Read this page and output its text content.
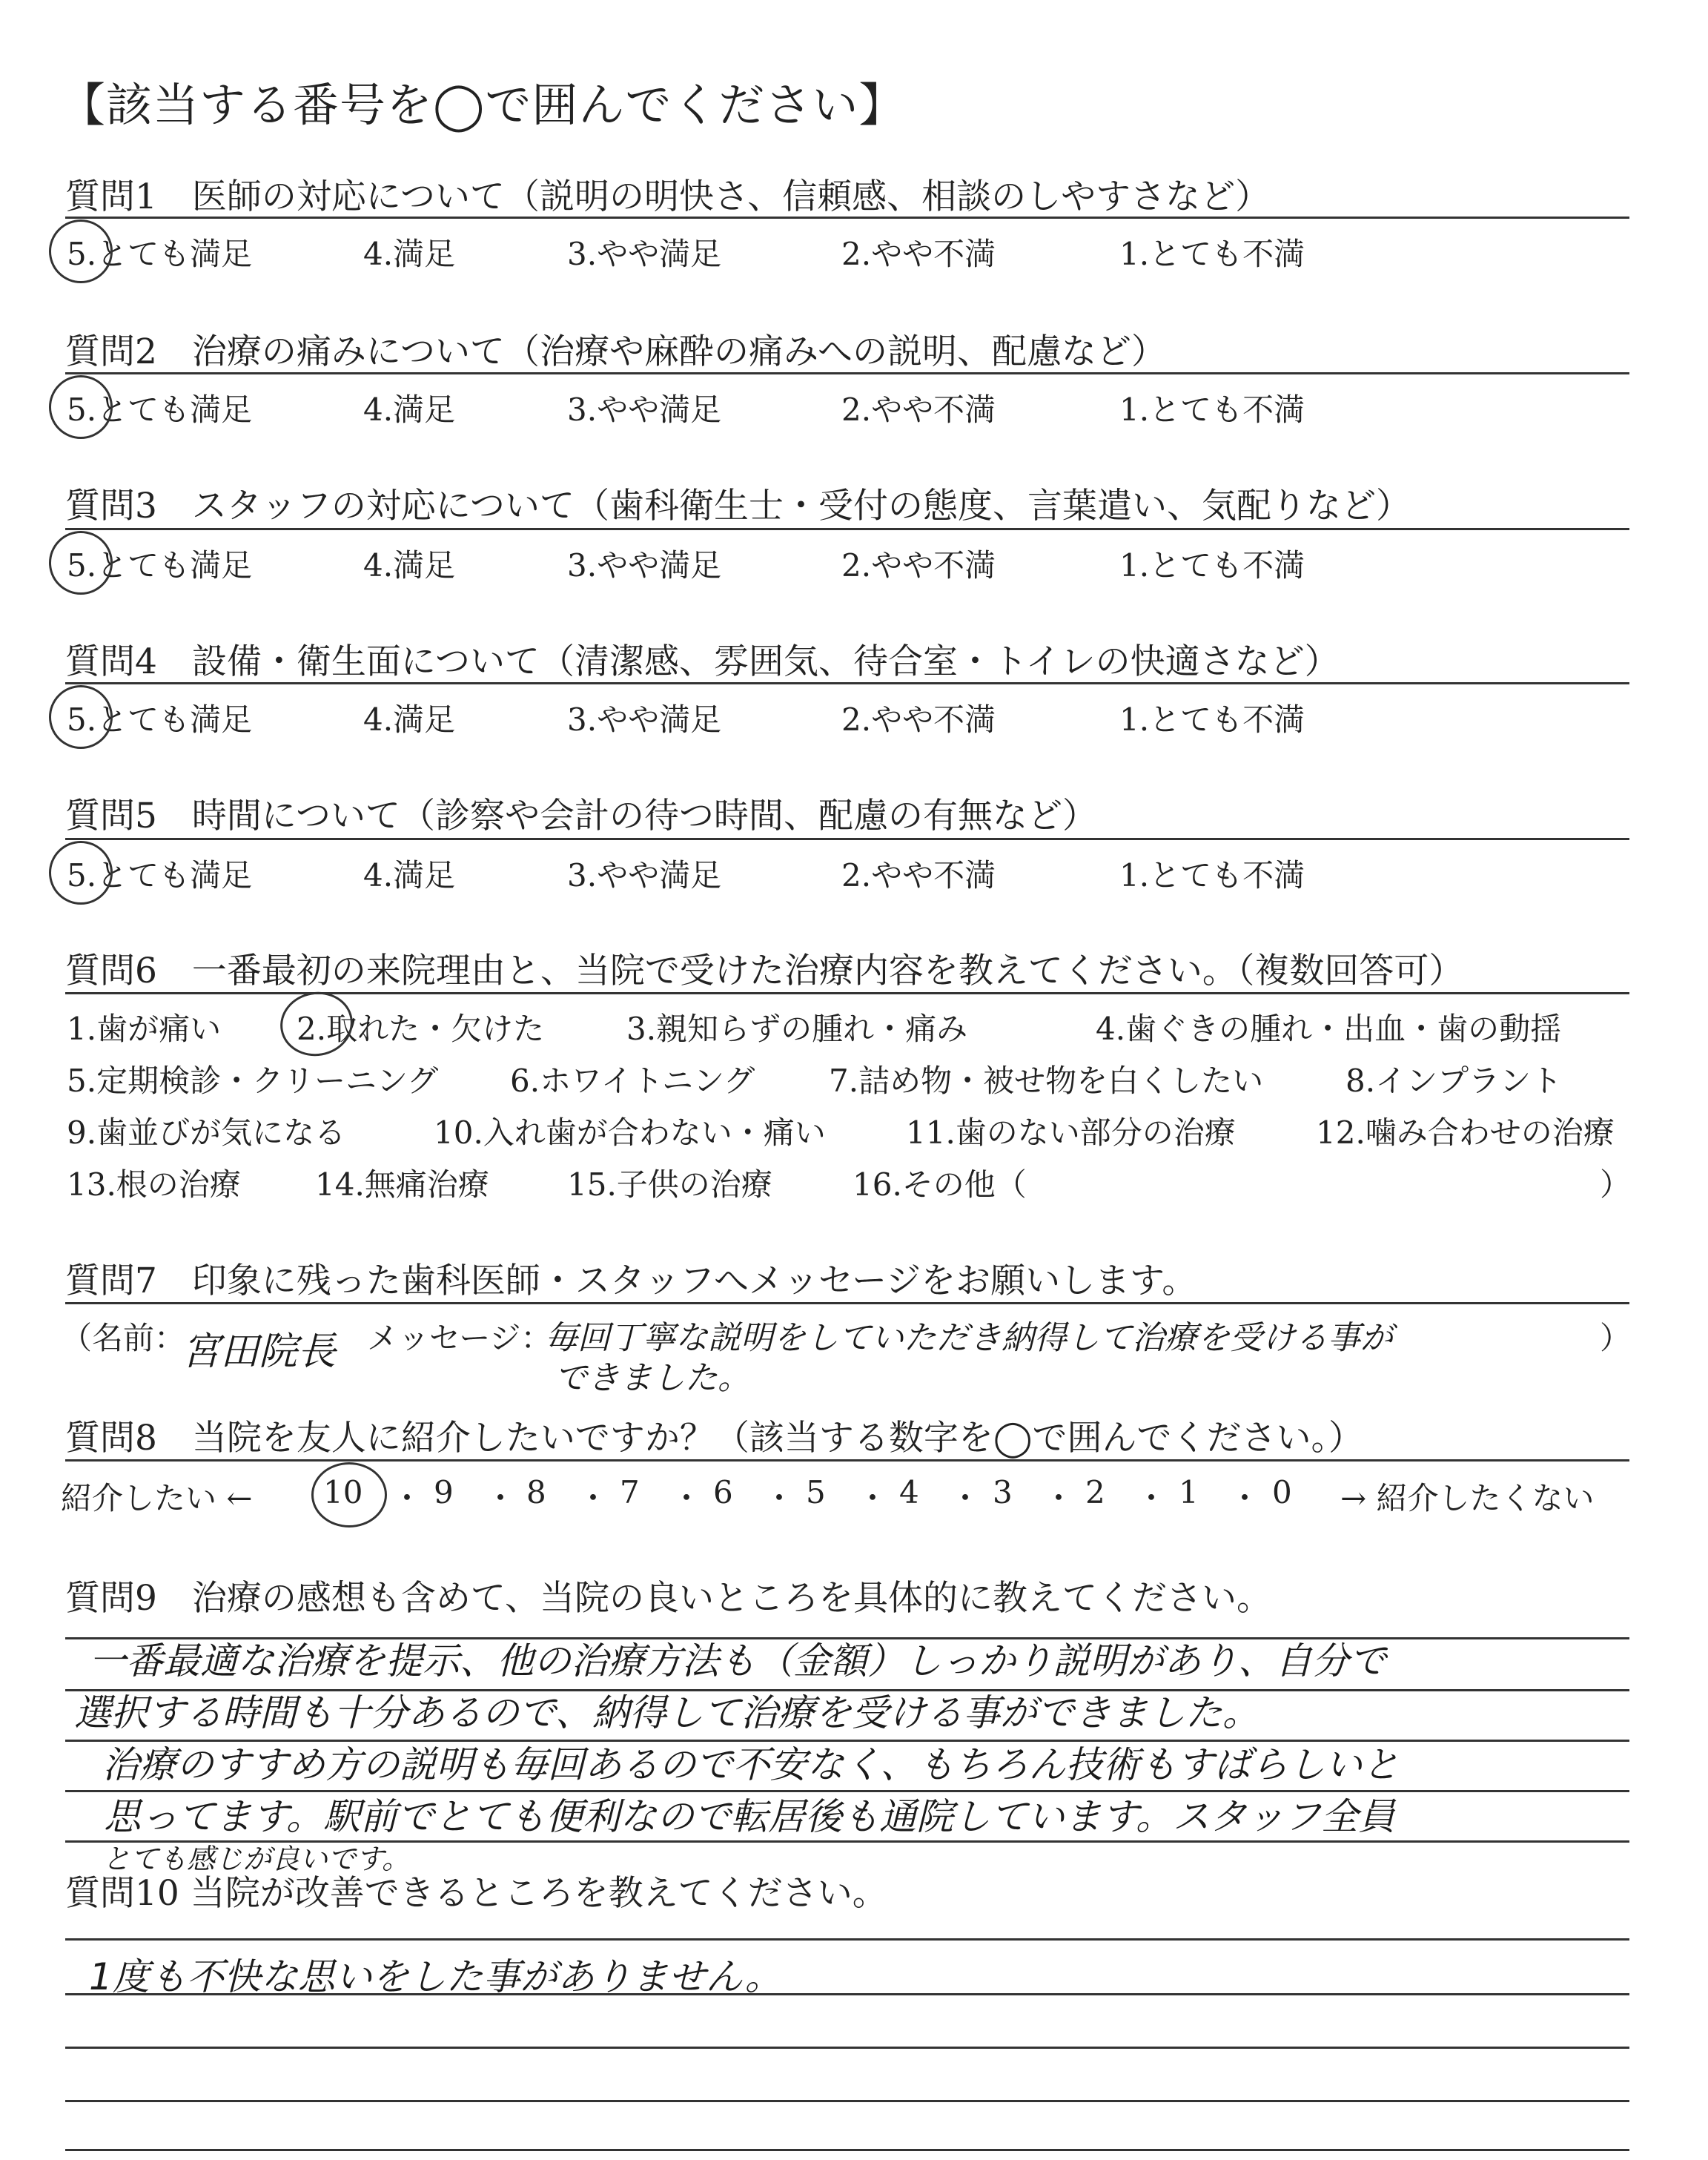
【該当する番号を◯で囲んでください】
質問1　医師の対応について（説明の明快さ、信頼感、相談のしやすさなど）
5.とても満足	4.満足	3.やや満足	2.やや不満	1.とても不満
質問2　治療の痛みについて（治療や麻酔の痛みへの説明、配慮など）
5.とても満足	4.満足	3.やや満足	2.やや不満	1.とても不満
質問3　スタッフの対応について（歯科衛生士・受付の態度、言葉遣い、気配りなど）
5.とても満足	4.満足	3.やや満足	2.やや不満	1.とても不満
質問4　設備・衛生面について（清潔感、雰囲気、待合室・トイレの快適さなど）
5.とても満足	4.満足	3.やや満足	2.やや不満	1.とても不満
質問5　時間について（診察や会計の待つ時間、配慮の有無など）
5.とても満足	4.満足	3.やや満足	2.やや不満	1.とても不満
質問6　一番最初の来院理由と、当院で受けた治療内容を教えてください。（複数回答可）
1.歯が痛い 2.取れた・欠けた	3.親知らずの腫れ・痛み	4.歯ぐきの腫れ・出血・歯の動揺
5.定期検診・クリーニング 6.ホワイトニング 7.詰め物・被せ物を白くしたい	8.インプラント
9.歯並びが気になる	10.入れ歯が合わない・痛い	11.歯のない部分の治療	12.噛み合わせの治療
13.根の治療 14.無痛治療	15.子供の治療	16.その他（	）
質問7　印象に残った歯科医師・スタッフへメッセージをお願いします。
（名前：
宮田院長 メッセージ：
毎回丁寧な説明をしていただき納得して治療を受ける事が
できました。
）
質問8　当院を友人に紹介したいですか？（該当する数字を◯で囲んでください。）
紹介したい ← 10 ・ 9 ・ 8 ・ 7 ・ 6 ・ 5 ・ 4 ・ 3 ・ 2 ・ 1 ・ 0 → 紹介したくない
質問9　治療の感想も含めて、当院の良いところを具体的に教えてください。
一番最適な治療を提示、他の治療方法も（金額）しっかり説明があり、自分で
選択する時間も十分あるので、納得して治療を受ける事ができました。
治療のすすめ方の説明も毎回あるので不安なく、もちろん技術もすばらしいと
思ってます。駅前でとても便利なので転居後も通院しています。スタッフ全員
とても感じが良いです。
質問10 当院が改善できるところを教えてください。
1度も不快な思いをした事がありません。
